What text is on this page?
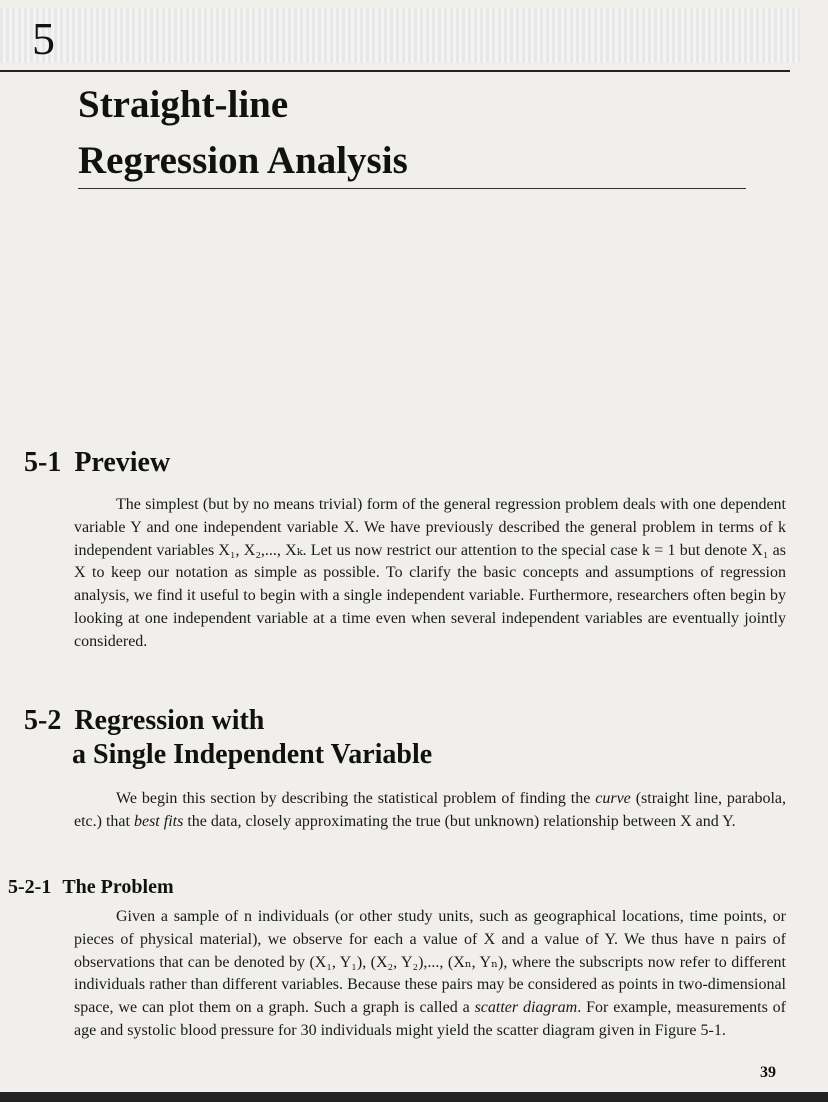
5
Straight-line
Regression Analysis
5-1 Preview

The simplest (but by no means trivial) form of the general regression problem deals with one dependent variable Y and one independent variable X. We have previously described the general problem in terms of k independent variables X₁, X₂,..., Xₖ. Let us now restrict our attention to the special case k = 1 but denote X₁ as X to keep our notation as simple as possible. To clarify the basic concepts and assumptions of regression analysis, we find it useful to begin with a single independent variable. Furthermore, researchers often begin by looking at one independent variable at a time even when several independent variables are eventually jointly considered.

5-2 Regression with
a Single Independent Variable

We begin this section by describing the statistical problem of finding the curve (straight line, parabola, etc.) that best fits the data, closely approximating the true (but unknown) relationship between X and Y.

5-2-1 The Problem

Given a sample of n individuals (or other study units, such as geographical locations, time points, or pieces of physical material), we observe for each a value of X and a value of Y. We thus have n pairs of observations that can be denoted by (X₁, Y₁), (X₂, Y₂),..., (Xₙ, Yₙ), where the subscripts now refer to different individuals rather than different variables. Because these pairs may be considered as points in two-dimensional space, we can plot them on a graph. Such a graph is called a scatter diagram. For example, measurements of age and systolic blood pressure for 30 individuals might yield the scatter diagram given in Figure 5-1.

39
